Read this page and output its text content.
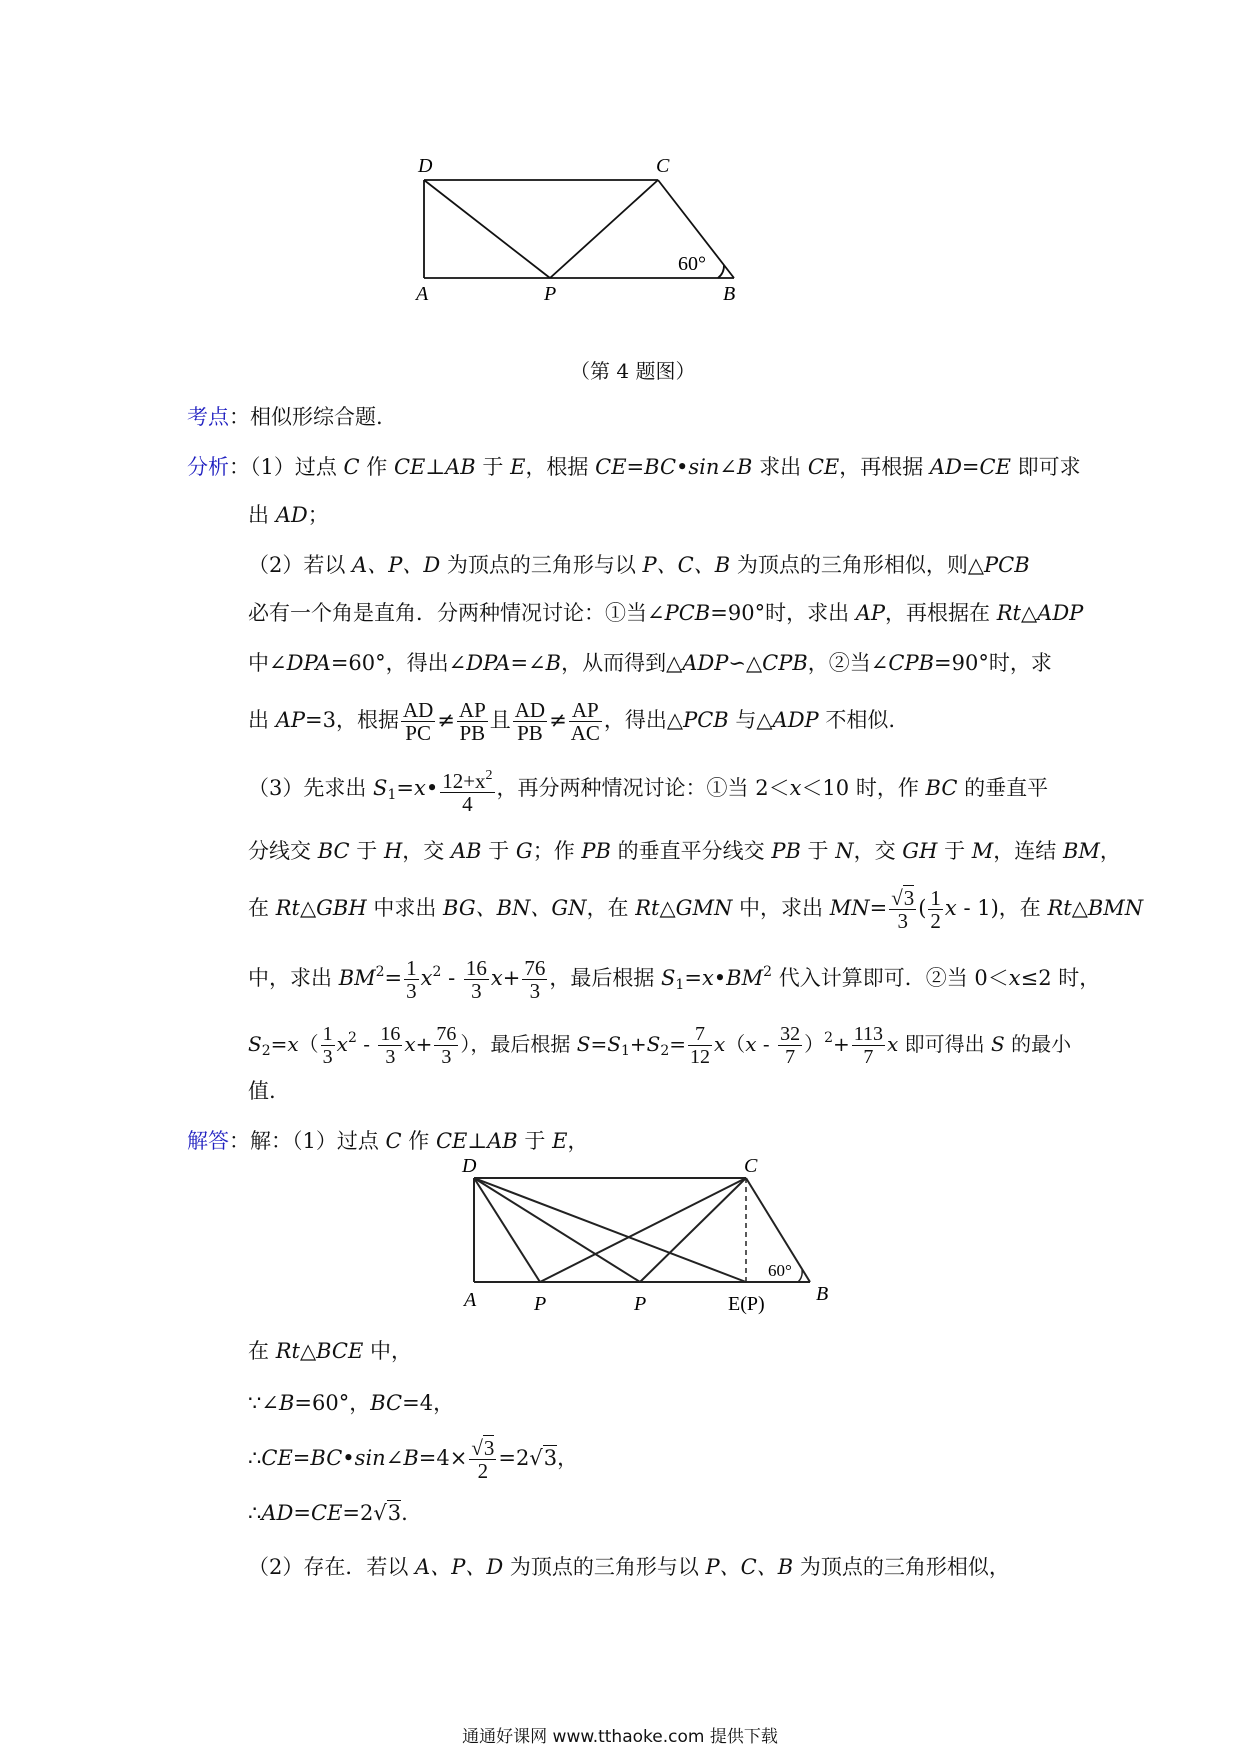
D	C
A	P	B
60°
（第 4 题图）
考点：相似形综合题.
分析：（1）过点 C 作 CE⊥AB 于 E，根据 CE=BC•sin∠B 求出 CE，再根据 AD=CE 即可求
出 AD；
（2）若以 A、P、D 为顶点的三角形与以 P、C、B 为顶点的三角形相似，则△PCB
必有一个角是直角．分两种情况讨论：①当∠PCB=90°时，求出 AP，再根据在 Rt△ADP
中∠DPA=60°，得出∠DPA=∠B，从而得到△ADP∽△CPB，②当∠CPB=90°时，求
出 AP=3，根据 $\frac{AD}{PC} \ne \frac{AP}{PB}$ 且 $\frac{AD}{PB} \ne \frac{AP}{AC}$ ，得出△PCB 与△ADP 不相似.
（3）先求出 $S_1=x• \frac{12+x^2}{4}$ ，再分两种情况讨论：①当 2＜x＜10 时，作 BC 的垂直平
分线交 BC 于 H，交 AB 于 G；作 PB 的垂直平分线交 PB 于 N，交 GH 于 M，连结 BM，
在 Rt△GBH 中求出 BG、BN、GN，在 Rt△GMN 中，求出 $MN= \frac{√3}{3}$ ( $\frac{1}{2}$ x - 1)，在 Rt△BMN
中，求出 $BM^2= \frac{1}{3} x^2 - \frac{16}{3} x+ \frac{76}{3}$ ，最后根据 $S_1=x•BM^2$ 代入计算即可．②当 0＜x≤2 时，
$S_2=x( \frac{1}{3} x^2 - \frac{16}{3} x+ \frac{76}{3}$ ），最后根据 $S=S_1+S_2= \frac{7}{12} x(x - \frac{32}{7} )^2+ \frac{113}{7}$ x 即可得出 S 的最小
值.
解答：解：（1）过点 C 作 CE⊥AB 于 E，
D	C
A	P	P	E(P)	B
60°
在 Rt△BCE 中，
∵∠B=60°，BC=4，
∴CE=BC•sin∠B=4× $\frac{√3}{2} =2√3$，
∴AD=CE=2√3.
（2）存在．若以 A、P、D 为顶点的三角形与以 P、C、B 为顶点的三角形相似，
通通好课网 www.tthaoke.com 提供下载
